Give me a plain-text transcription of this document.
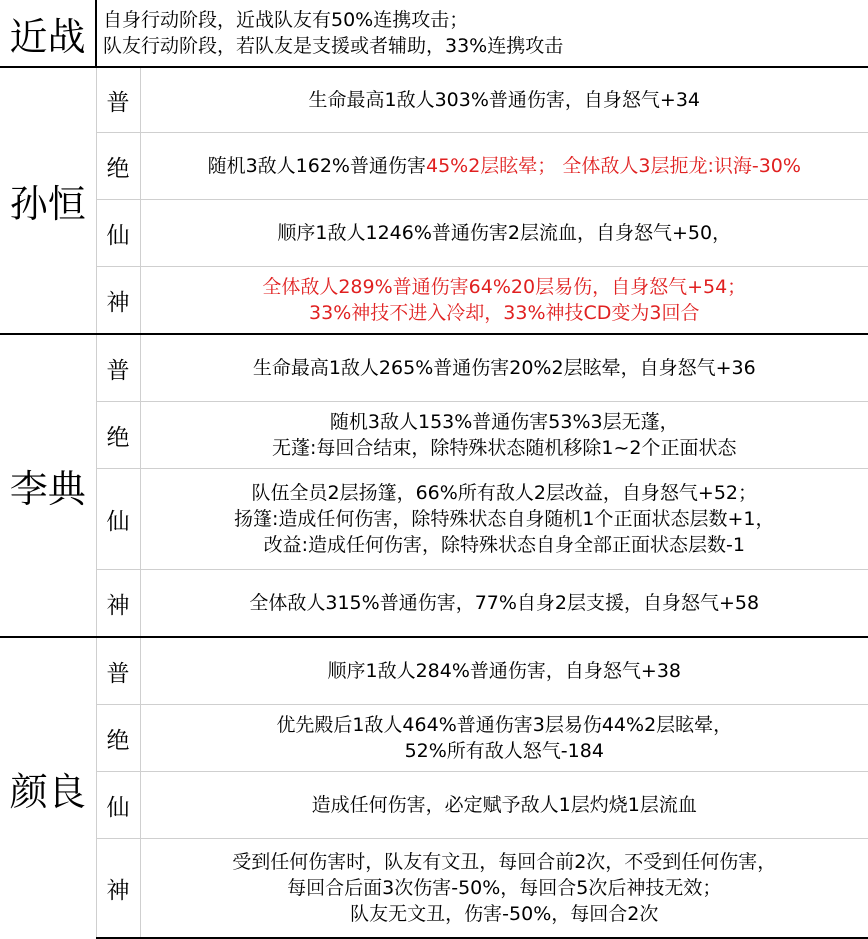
近战	自身行动阶段，近战队友有50%连携攻击；
队友行动阶段，若队友是支援或者辅助，33%连携攻击	

孙恒	普	生命最高1敌人303%普通伤害，自身怒气+34

	绝	随机3敌人162%普通伤害45%2层眩晕； 全体敌人3层扼龙:识海-30%

	仙	顺序1敌人1246%普通伤害2层流血，自身怒气+50，

	神	全体敌人289%普通伤害64%20层易伤，自身怒气+54；
33%神技不进入冷却，33%神技CD变为3回合

李典	普	生命最高1敌人265%普通伤害20%2层眩晕，自身怒气+36

	绝	随机3敌人153%普通伤害53%3层无蓬，
无蓬:每回合结束，除特殊状态随机移除1~2个正面状态

	仙	队伍全员2层扬篷，66%所有敌人2层改益，自身怒气+52；
扬篷:造成任何伤害，除特殊状态自身随机1个正面状态层数+1，
改益:造成任何伤害，除特殊状态自身全部正面状态层数-1

	神	全体敌人315%普通伤害，77%自身2层支援，自身怒气+58

颜良	普	顺序1敌人284%普通伤害，自身怒气+38

	绝	优先殿后1敌人464%普通伤害3层易伤44%2层眩晕，
52%所有敌人怒气-184

	仙	造成任何伤害，必定赋予敌人1层灼烧1层流血

	神	受到任何伤害时，队友有文丑，每回合前2次，不受到任何伤害，
每回合后面3次伤害-50%，每回合5次后神技无效；
队友无文丑，伤害-50%，每回合2次
